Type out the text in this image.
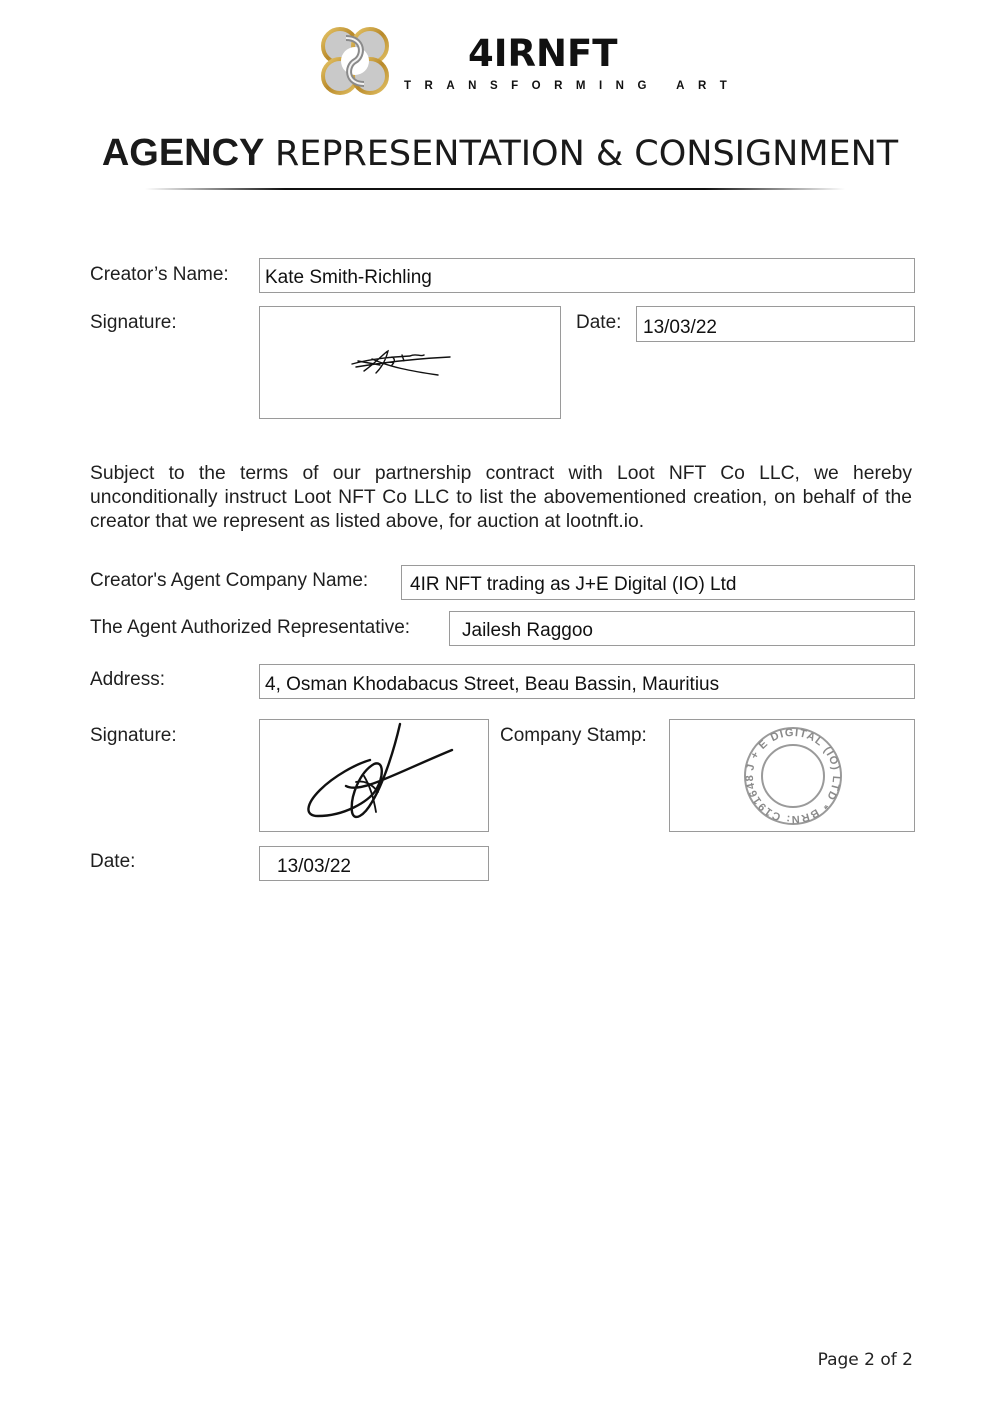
4IRNFT
TRANSFORMING ART
AGENCY REPRESENTATION & CONSIGNMENT
Creator’s Name: Kate Smith-Richling
Signature:	Date: 13/03/22
Subject to the terms of our partnership contract with Loot NFT Co LLC, we hereby unconditionally instruct Loot NFT Co LLC to list the abovementioned creation, on behalf of the creator that we represent as listed above, for auction at lootnft.io.
Creator's Agent Company Name: 4IR NFT trading as J+E Digital (IO) Ltd
The Agent Authorized Representative:	Jailesh Raggoo
Address:	4, Osman Khodabacus Street, Beau Bassin, Mauritius
Signature:	Company Stamp:
J + E DIGITAL (IO) LTD * BRN: C191648
Date:	13/03/22
Page 2 of 2
